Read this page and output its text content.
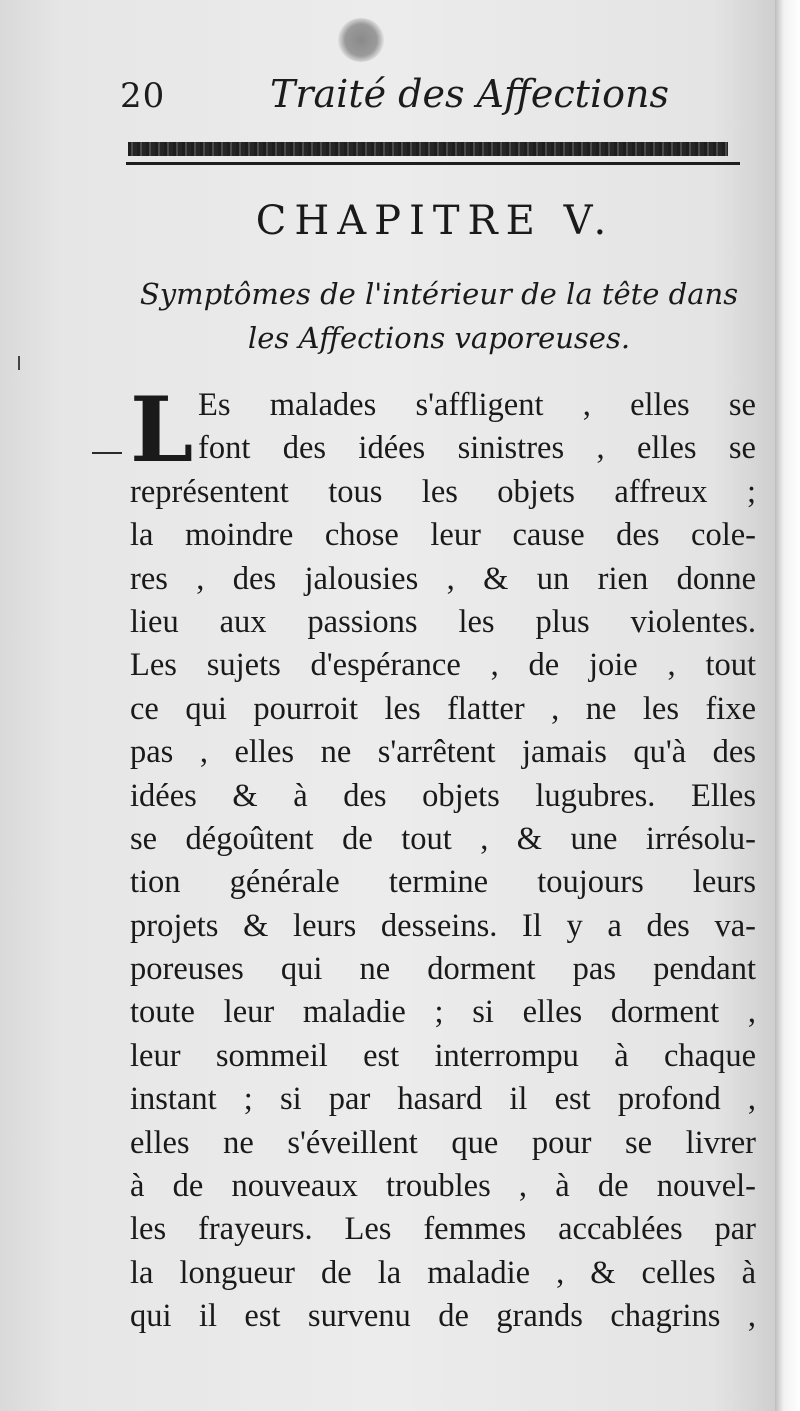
20	Traité des Affections
CHAPITRE V.
Symptômes de l'intérieur de la tête dans
les Affections vaporeuses.
L Es malades s'affligent , elles se
font des idées sinistres , elles se
représentent tous les objets affreux ;
la moindre chose leur cause des cole-
res , des jalousies , & un rien donne
lieu aux passions les plus violentes.
Les sujets d'espérance , de joie , tout
ce qui pourroit les flatter , ne les fixe
pas , elles ne s'arrêtent jamais qu'à des
idées & à des objets lugubres. Elles
se dégoûtent de tout , & une irrésolu-
tion générale termine toujours leurs
projets & leurs desseins. Il y a des va-
poreuses qui ne dorment pas pendant
toute leur maladie ; si elles dorment ,
leur sommeil est interrompu à chaque
instant ; si par hasard il est profond ,
elles ne s'éveillent que pour se livrer
à de nouveaux troubles , à de nouvel-
les frayeurs. Les femmes accablées par
la longueur de la maladie , & celles à
qui il est survenu de grands chagrins ,
